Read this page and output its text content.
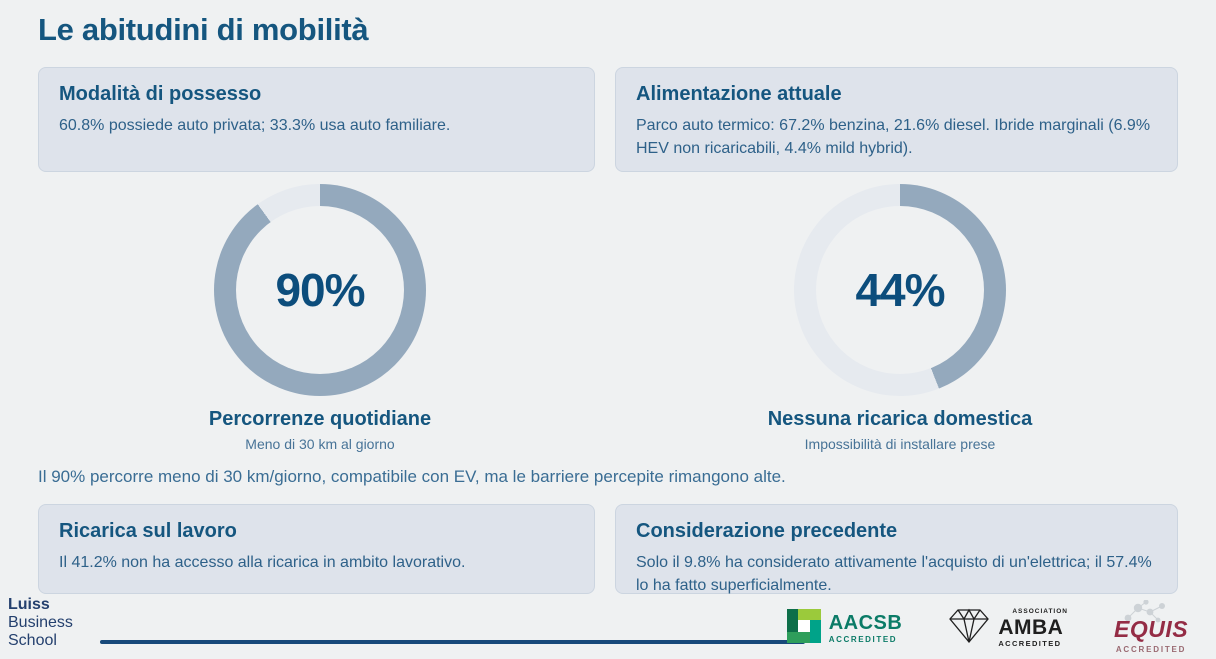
Le abitudini di mobilità
Modalità di possesso

60.8% possiede auto privata; 33.3% usa auto familiare.

Alimentazione attuale

Parco auto termico: 67.2% benzina, 21.6% diesel. Ibride marginali (6.9% HEV non ricaricabili, 4.4% mild hybrid).

90%
Percorrenze quotidiane
Meno di 30 km al giorno
44%
Nessuna ricarica domestica
Impossibilità di installare prese

Il 90% percorre meno di 30 km/giorno, compatibile con EV, ma le barriere percepite rimangono alte.

Ricarica sul lavoro

Il 41.2% non ha accesso alla ricarica in ambito lavorativo.

Considerazione precedente

Solo il 9.8% ha considerato attivamente l'acquisto di un'elettrica; il 57.4% lo ha fatto superficialmente.

Luiss
Business
School
AACSB
ACCREDITED
ASSOCIATION
AMBA
ACCREDITED
EQUIS
ACCREDITED
